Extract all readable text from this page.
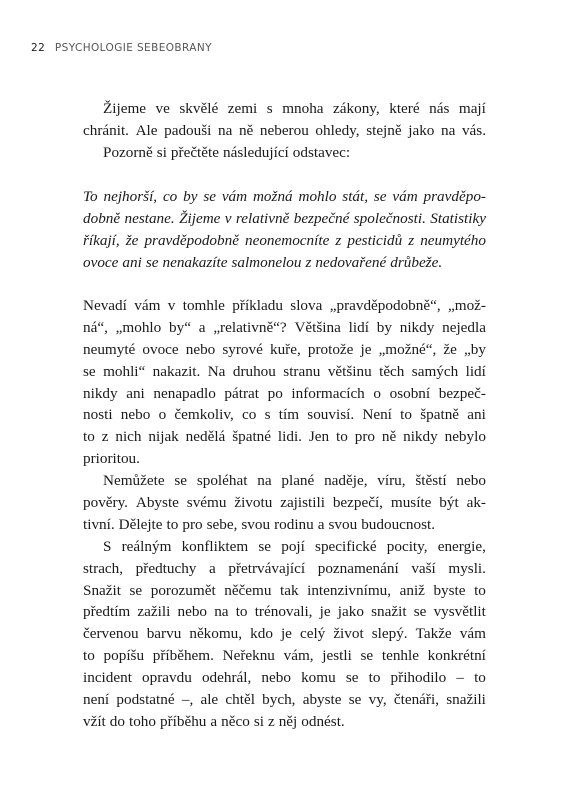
22 PSYCHOLOGIE SEBEOBRANY
Žijeme ve skvělé zemi s mnoha zákony, které nás mají
chránit. Ale padouši na ně neberou ohledy, stejně jako na vás.
Pozorně si přečtěte následující odstavec:
To nejhorší, co by se vám možná mohlo stát, se vám pravděpo-
dobně nestane. Žijeme v relativně bezpečné společnosti. Statistiky
říkají, že pravděpodobně neonemocníte z pesticidů z neumytého
ovoce ani se nenakazíte salmonelou z nedovařené drůbeže.
Nevadí vám v tomhle příkladu slova „pravděpodobně“, „mož-
ná“, „mohlo by“ a „relativně“? Většina lidí by nikdy nejedla
neumyté ovoce nebo syrové kuře, protože je „možné“, že „by
se mohli“ nakazit. Na druhou stranu většinu těch samých lidí
nikdy ani nenapadlo pátrat po informacích o osobní bezpeč-
nosti nebo o čemkoliv, co s tím souvisí. Není to špatně ani
to z nich nijak nedělá špatné lidi. Jen to pro ně nikdy nebylo
prioritou.
Nemůžete se spoléhat na plané naděje, víru, štěstí nebo
pověry. Abyste svému životu zajistili bezpečí, musíte být ak-
tivní. Dělejte to pro sebe, svou rodinu a svou budoucnost.
S reálným konfliktem se pojí specifické pocity, energie,
strach, předtuchy a přetrvávající poznamenání vaší mysli.
Snažit se porozumět něčemu tak intenzivnímu, aniž byste to
předtím zažili nebo na to trénovali, je jako snažit se vysvětlit
červenou barvu někomu, kdo je celý život slepý. Takže vám
to popíšu příběhem. Neřeknu vám, jestli se tenhle konkrétní
incident opravdu odehrál, nebo komu se to přihodilo – to
není podstatné –, ale chtěl bych, abyste se vy, čtenáři, snažili
vžít do toho příběhu a něco si z něj odnést.
